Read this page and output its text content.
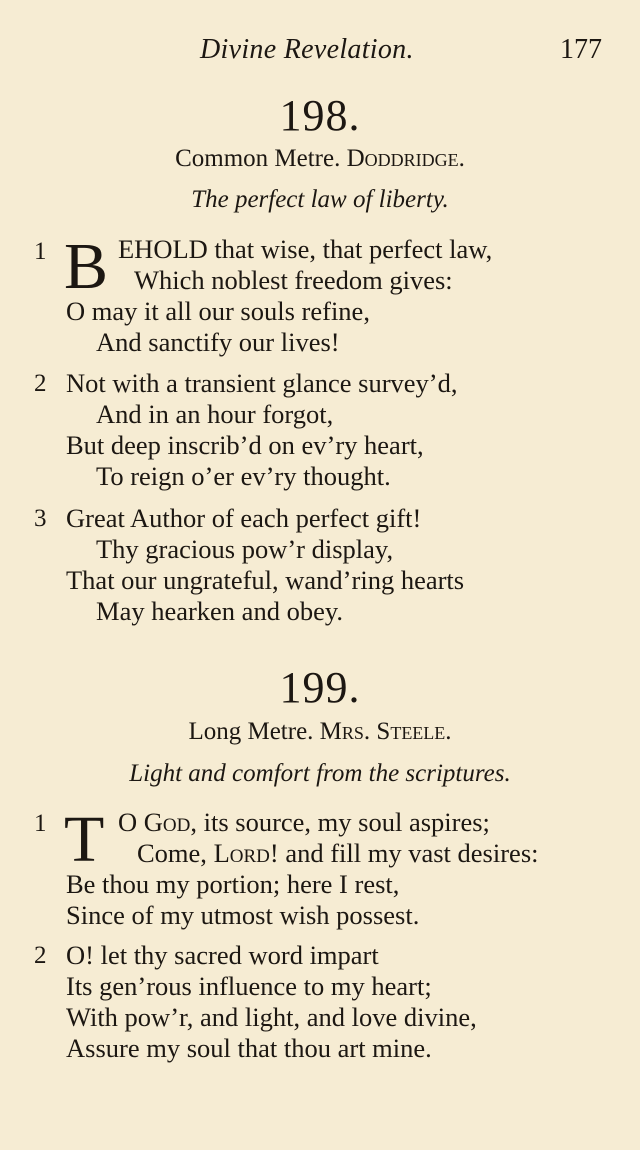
Divine Revelation.	177
198.
Common Metre. Doddridge.
The perfect law of liberty.
1 B EHOLD that wise, that perfect law,
Which noblest freedom gives:
O may it all our souls refine,
And sanctify our lives!
2 Not with a transient glance survey’d,
And in an hour forgot,
But deep inscrib’d on ev’ry heart,
To reign o’er ev’ry thought.
3 Great Author of each perfect gift!
Thy gracious pow’r display,
That our ungrateful, wand’ring hearts
May hearken and obey.
199.
Long Metre. Mrs. Steele.
Light and comfort from the scriptures.
1 T O God, its source, my soul aspires;
Come, Lord! and fill my vast desires:
Be thou my portion; here I rest,
Since of my utmost wish possest.
2 O! let thy sacred word impart
Its gen’rous influence to my heart;
With pow’r, and light, and love divine,
Assure my soul that thou art mine.
